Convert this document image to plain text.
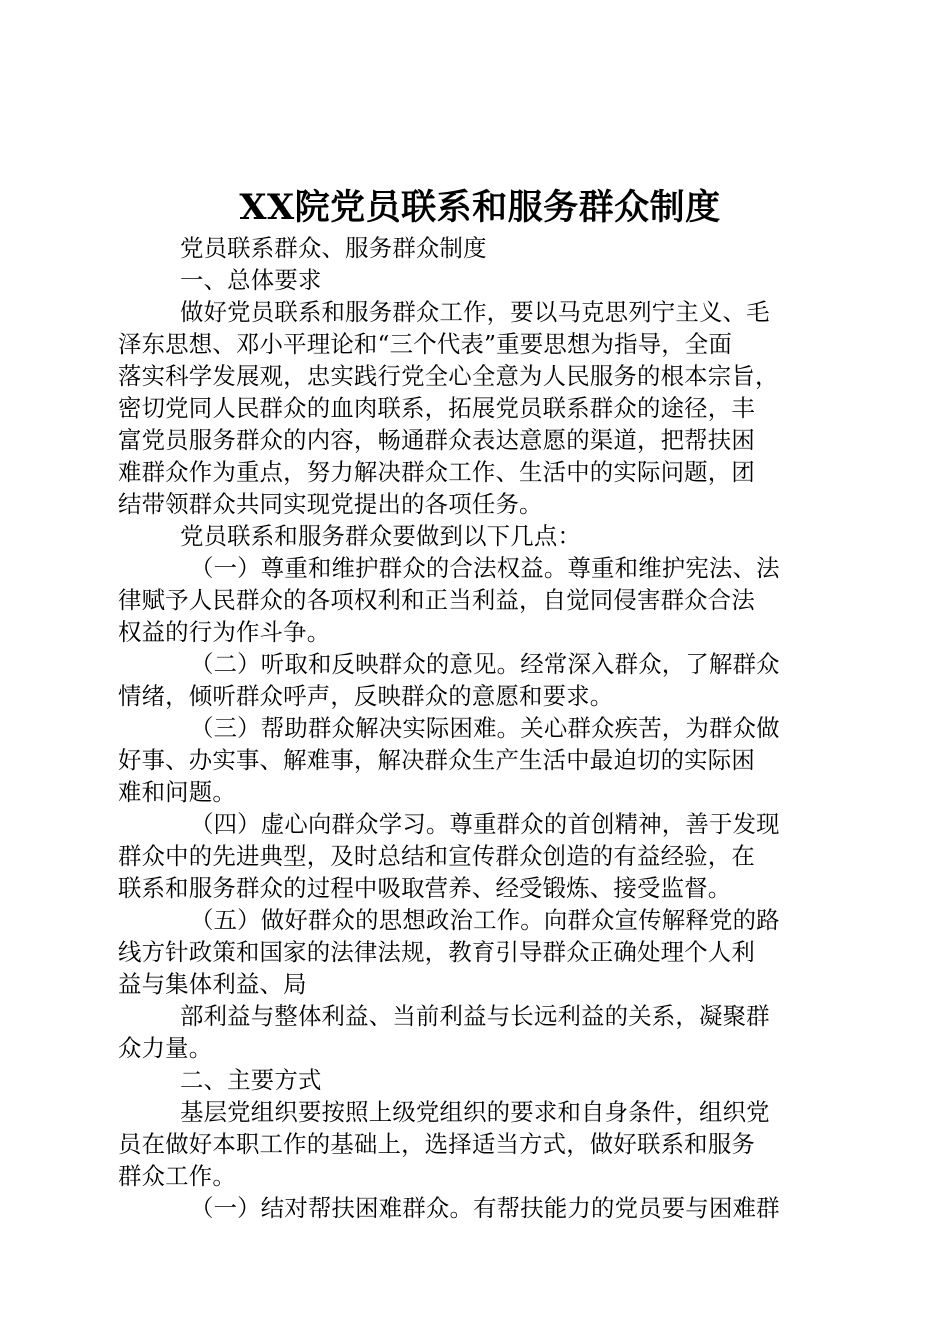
XX院党员联系和服务群众制度
党员联系群众、服务群众制度
一、总体要求
做好党员联系和服务群众工作，要以马克思列宁主义、毛
泽东思想、邓小平理论和“三个代表”重要思想为指导，全面
落实科学发展观，忠实践行党全心全意为人民服务的根本宗旨，
密切党同人民群众的血肉联系，拓展党员联系群众的途径，丰
富党员服务群众的内容，畅通群众表达意愿的渠道，把帮扶困
难群众作为重点，努力解决群众工作、生活中的实际问题，团
结带领群众共同实现党提出的各项任务。
党员联系和服务群众要做到以下几点：
（一）尊重和维护群众的合法权益。尊重和维护宪法、法
律赋予人民群众的各项权利和正当利益，自觉同侵害群众合法
权益的行为作斗争。
（二）听取和反映群众的意见。经常深入群众，了解群众
情绪，倾听群众呼声，反映群众的意愿和要求。
（三）帮助群众解决实际困难。关心群众疾苦，为群众做
好事、办实事、解难事，解决群众生产生活中最迫切的实际困
难和问题。
（四）虚心向群众学习。尊重群众的首创精神，善于发现
群众中的先进典型，及时总结和宣传群众创造的有益经验，在
联系和服务群众的过程中吸取营养、经受锻炼、接受监督。
（五）做好群众的思想政治工作。向群众宣传解释党的路
线方针政策和国家的法律法规，教育引导群众正确处理个人利
益与集体利益、局
部利益与整体利益、当前利益与长远利益的关系，凝聚群
众力量。
二、主要方式
基层党组织要按照上级党组织的要求和自身条件，组织党
员在做好本职工作的基础上，选择适当方式，做好联系和服务
群众工作。
（一）结对帮扶困难群众。有帮扶能力的党员要与困难群
